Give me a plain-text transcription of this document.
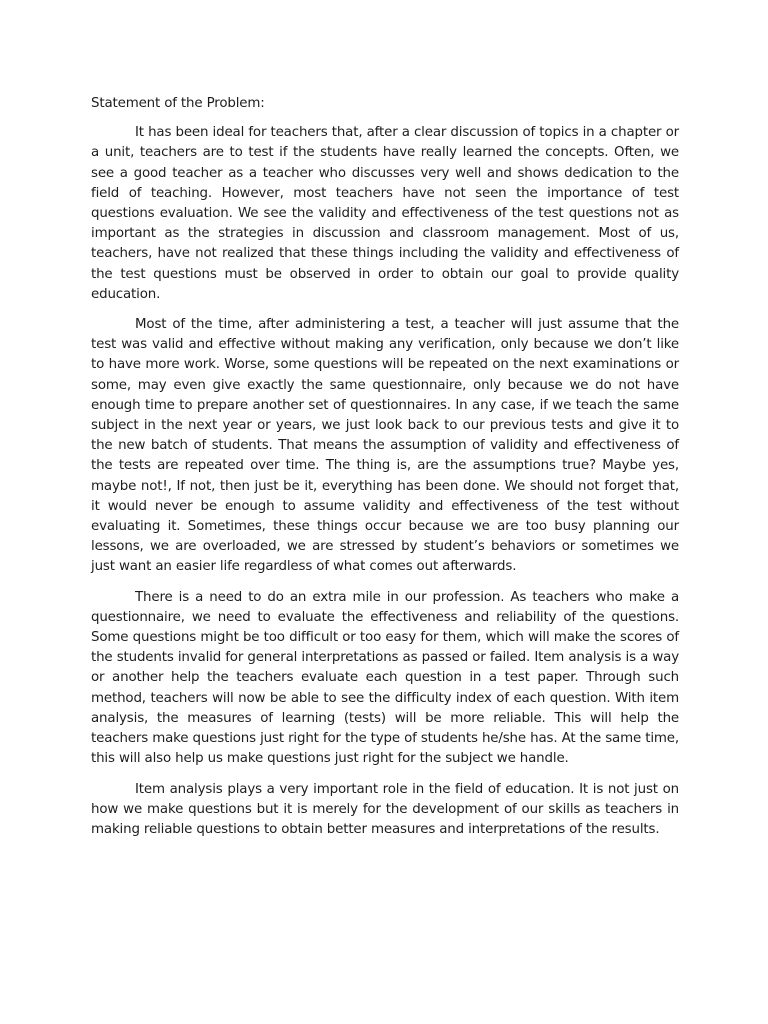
Statement of the Problem:

It has been ideal for teachers that, after a clear discussion of topics in a chapter or a unit, teachers are to test if the students have really learned the concepts. Often, we see a good teacher as a teacher who discusses very well and shows dedication to the field of teaching. However, most teachers have not seen the importance of test questions evaluation. We see the validity and effectiveness of the test questions not as important as the strategies in discussion and classroom management. Most of us, teachers, have not realized that these things including the validity and effectiveness of the test questions must be observed in order to obtain our goal to provide quality education.

Most of the time, after administering a test, a teacher will just assume that the test was valid and effective without making any verification, only because we don’t like to have more work. Worse, some questions will be repeated on the next examinations or some, may even give exactly the same questionnaire, only because we do not have enough time to prepare another set of questionnaires. In any case, if we teach the same subject in the next year or years, we just look back to our previous tests and give it to the new batch of students. That means the assumption of validity and effectiveness of the tests are repeated over time. The thing is, are the assumptions true? Maybe yes, maybe not!, If not, then just be it, everything has been done. We should not forget that, it would never be enough to assume validity and effectiveness of the test without evaluating it. Sometimes, these things occur because we are too busy planning our lessons, we are overloaded, we are stressed by student’s behaviors or sometimes we just want an easier life regardless of what comes out afterwards.

There is a need to do an extra mile in our profession. As teachers who make a questionnaire, we need to evaluate the effectiveness and reliability of the questions. Some questions might be too difficult or too easy for them, which will make the scores of the students invalid for general interpretations as passed or failed. Item analysis is a way or another help the teachers evaluate each question in a test paper. Through such method, teachers will now be able to see the difficulty index of each question. With item analysis, the measures of learning (tests) will be more reliable. This will help the teachers make questions just right for the type of students he/she has. At the same time, this will also help us make questions just right for the subject we handle.

Item analysis plays a very important role in the field of education. It is not just on how we make questions but it is merely for the development of our skills as teachers in making reliable questions to obtain better measures and interpretations of the results.
